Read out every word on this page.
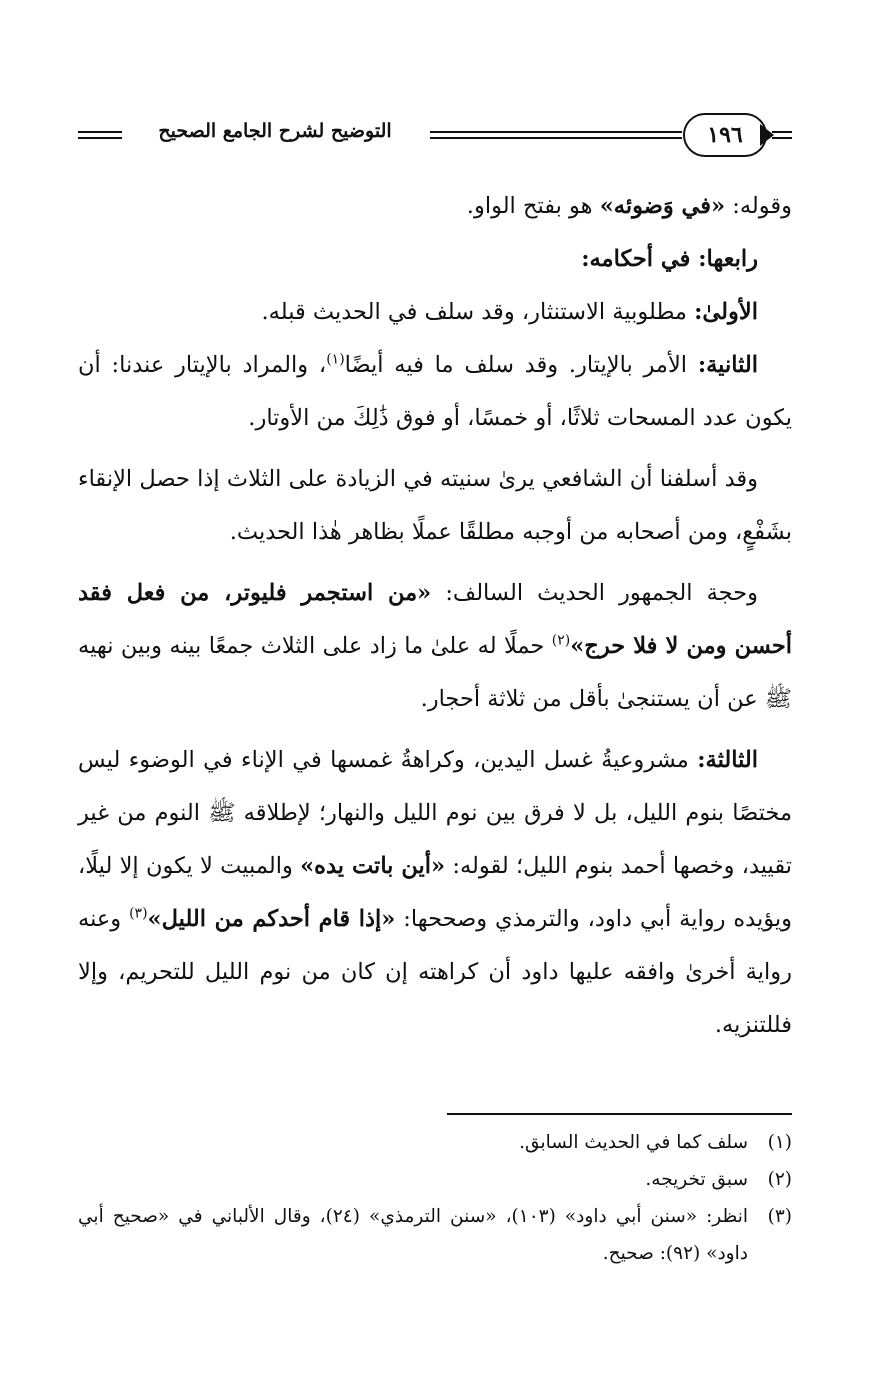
١٩٦
التوضيح لشرح الجامع الصحيح

وقوله: «في وَضوئه» هو بفتح الواو.

رابعها: في أحكامه:

الأولىٰ: مطلوبية الاستنثار، وقد سلف في الحديث قبله.

الثانية: الأمر بالإيتار. وقد سلف ما فيه أيضًا$^{(١)}$، والمراد بالإيتار عندنا: أن يكون عدد المسحات ثلاثًا، أو خمسًا، أو فوق ذَٰلِكَ من الأوتار.

وقد أسلفنا أن الشافعي يرىٰ سنيته في الزيادة على الثلاث إذا حصل الإنقاء بشَفْعٍ، ومن أصحابه من أوجبه مطلقًا عملًا بظاهر هٰذا الحديث.

وحجة الجمهور الحديث السالف: «من استجمر فليوتر، من فعل فقد أحسن ومن لا فلا حرج»$^{(٢)}$ حملًا له علىٰ ما زاد على الثلاث جمعًا بينه وبين نهيه ﷺ عن أن يستنجىٰ بأقل من ثلاثة أحجار.

الثالثة: مشروعيةُ غسل اليدين، وكراهةُ غمسها في الإناء في الوضوء ليس مختصًا بنوم الليل، بل لا فرق بين نوم الليل والنهار؛ لإطلاقه ﷺ النوم من غير تقييد، وخصها أحمد بنوم الليل؛ لقوله: «أين باتت يده» والمبيت لا يكون إلا ليلًا، ويؤيده رواية أبي داود، والترمذي وصححها: «إذا قام أحدكم من الليل»$^{(٣)}$ وعنه رواية أخرىٰ وافقه عليها داود أن كراهته إن كان من نوم الليل للتحريم، وإلا فللتنزيه.

(١)
سلف كما في الحديث السابق.
(٢)
سبق تخريجه.
(٣)
انظر: «سنن أبي داود» (١٠٣)، «سنن الترمذي» (٢٤)، وقال الألباني في «صحيح أبي داود» (٩٢): صحيح.
